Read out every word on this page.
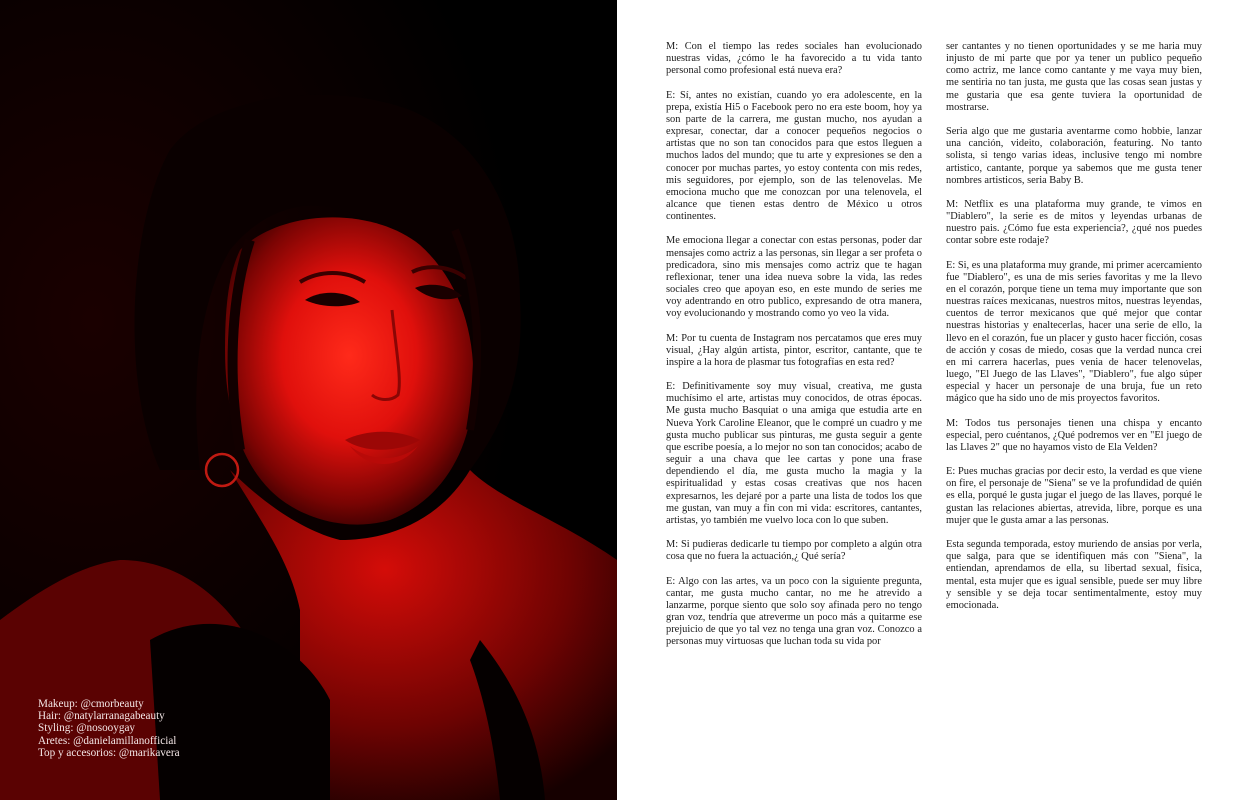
Makeup: @cmorbeauty
Hair: @natylarranagabeauty
Styling: @nosooygay
Aretes: @danielamillanofficial
Top y accesorios: @marikavera

M: Con el tiempo las redes sociales han evolucionado nuestras vidas, ¿cómo le ha favorecido a tu vida tanto personal como profesional está nueva era?

E: Sí, antes no existían, cuando yo era adolescente, en la prepa, existía Hi5 o Facebook pero no era este boom, hoy ya son parte de la carrera, me gustan mucho, nos ayudan a expresar, conectar, dar a conocer pequeños negocios o artistas que no son tan conocidos para que estos lleguen a muchos lados del mundo; que tu arte y expresiones se den a conocer por muchas partes, yo estoy contenta con mis redes, mis seguidores, por ejemplo, son de las telenovelas. Me emociona mucho que me conozcan por una telenovela, el alcance que tienen estas dentro de México u otros continentes.

Me emociona llegar a conectar con estas personas, poder dar mensajes como actriz a las personas, sin llegar a ser profeta o predicadora, sino mis mensajes como actriz que te hagan reflexionar, tener una idea nueva sobre la vida, las redes sociales creo que apoyan eso, en este mundo de series me voy adentrando en otro publico, expresando de otra manera, voy evolucionando y mostrando como yo veo la vida.

M: Por tu cuenta de Instagram nos percatamos que eres muy visual, ¿Hay algún artista, pintor, escritor, cantante, que te inspire a la hora de plasmar tus fotografías en esta red?

E: Definitivamente soy muy visual, creativa, me gusta muchísimo el arte, artistas muy conocidos, de otras épocas. Me gusta mucho Basquiat o una amiga que estudia arte en Nueva York Caroline Eleanor, que le compré un cuadro y me gusta mucho publicar sus pinturas, me gusta seguir a gente que escribe poesía, a lo mejor no son tan conocidos; acabo de seguir a una chava que lee cartas y pone una frase dependiendo el día, me gusta mucho la magia y la espiritualidad y estas cosas creativas que nos hacen expresarnos, les dejaré por a parte una lista de todos los que me gustan, van muy a fin con mi vida: escritores, cantantes, artistas, yo también me vuelvo loca con lo que suben.

M: Si pudieras dedicarle tu tiempo por completo a algún otra cosa que no fuera la actuación,¿ Qué sería?

E: Algo con las artes, va un poco con la siguiente pregunta, cantar, me gusta mucho cantar, no me he atrevido a lanzarme, porque siento que solo soy afinada pero no tengo gran voz, tendría que atreverme un poco más a quitarme ese prejuicio de que yo tal vez no tenga una gran voz. Conozco a personas muy virtuosas que luchan toda su vida por

ser cantantes y no tienen oportunidades y se me haria muy injusto de mi parte que por ya tener un publico pequeño como actriz, me lance como cantante y me vaya muy bien, me sentiria no tan justa, me gusta que las cosas sean justas y me gustaria que esa gente tuviera la oportunidad de mostrarse.

Seria algo que me gustaria aventarme como hobbie, lanzar una canción, videito, colaboración, featuring. No tanto solista, si tengo varias ideas, inclusive tengo mi nombre artistico, cantante, porque ya sabemos que me gusta tener nombres artisticos, seria Baby B.

M: Netflix es una plataforma muy grande, te vimos en "Diablero", la serie es de mitos y leyendas urbanas de nuestro pais. ¿Cómo fue esta experiencia?, ¿qué nos puedes contar sobre este rodaje?

E: Si, es una plataforma muy grande, mi primer acercamiento fue "Diablero", es una de mis series favoritas y me la llevo en el corazón, porque tiene un tema muy importante que son nuestras raíces mexicanas, nuestros mitos, nuestras leyendas, cuentos de terror mexicanos que qué mejor que contar nuestras historias y enaltecerlas, hacer una serie de ello, la llevo en el corazón, fue un placer y gusto hacer ficción, cosas de acción y cosas de miedo, cosas que la verdad nunca crei en mi carrera hacerlas, pues venia de hacer telenovelas, luego, "El Juego de las Llaves", "Diablero", fue algo súper especial y hacer un personaje de una bruja, fue un reto mágico que ha sido uno de mis proyectos favoritos.

M: Todos tus personajes tienen una chispa y encanto especial, pero cuéntanos, ¿Qué podremos ver en "El juego de las Llaves 2" que no hayamos visto de Ela Velden?

E: Pues muchas gracias por decir esto, la verdad es que viene on fire, el personaje de "Siena" se ve la profundidad de quién es ella, porqué le gusta jugar el juego de las llaves, porqué le gustan las relaciones abiertas, atrevida, libre, porque es una mujer que le gusta amar a las personas.

Esta segunda temporada, estoy muriendo de ansias por verla, que salga, para que se identifiquen más con "Siena", la entiendan, aprendamos de ella, su libertad sexual, física, mental, esta mujer que es igual sensible, puede ser muy libre y sensible y se deja tocar sentimentalmente, estoy muy emocionada.
